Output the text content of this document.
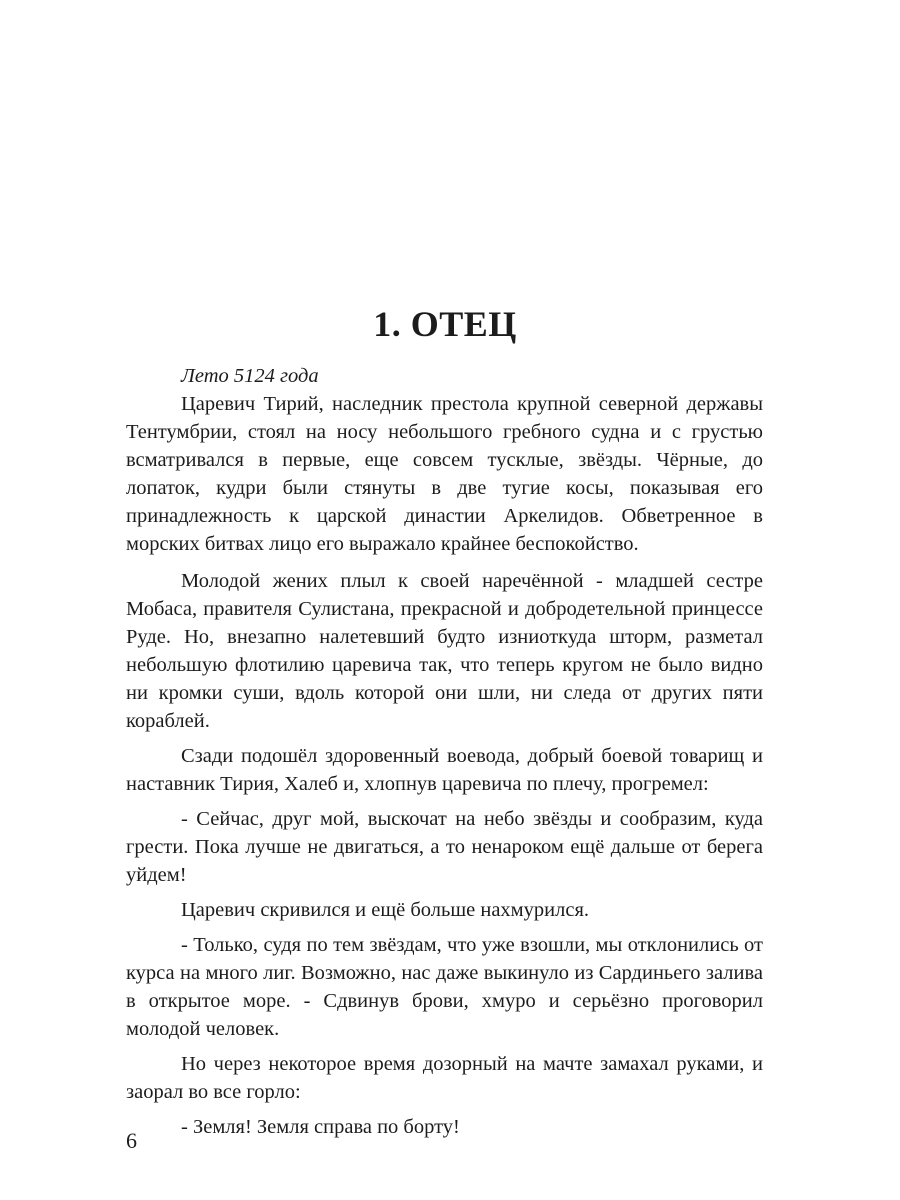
1. ОТЕЦ

Лето 5124 года

Царевич Тирий, наследник престола крупной северной державы Тентумбрии, стоял на носу небольшого гребного судна и с грустью всматривался в первые, еще совсем тусклые, звёзды. Чёрные, до лопаток, кудри были стянуты в две тугие косы, показывая его принадлежность к царской династии Аркелидов. Обветренное в морских битвах лицо его выражало крайнее беспокойство.

Молодой жених плыл к своей наречённой - младшей сестре Мобаса, правителя Сулистана, прекрасной и добродетельной принцессе Руде. Но, внезапно налетевший будто изниоткуда шторм, разметал небольшую флотилию царевича так, что теперь кругом не было видно ни кромки суши, вдоль которой они шли, ни следа от других пяти кораблей.

Сзади подошёл здоровенный воевода, добрый боевой товарищ и наставник Тирия, Халеб и, хлопнув царевича по плечу, прогремел:

- Сейчас, друг мой, выскочат на небо звёзды и сообразим, куда грести. Пока лучше не двигаться, а то ненароком ещё дальше от берега уйдем!

Царевич скривился и ещё больше нахмурился.

- Только, судя по тем звёздам, что уже взошли, мы отклонились от курса на много лиг. Возможно, нас даже выкинуло из Сардиньего залива в открытое море. - Сдвинув брови, хмуро и серьёзно проговорил молодой человек.

Но через некоторое время дозорный на мачте замахал руками, и заорал во все горло:

- Земля! Земля справа по борту!

6
